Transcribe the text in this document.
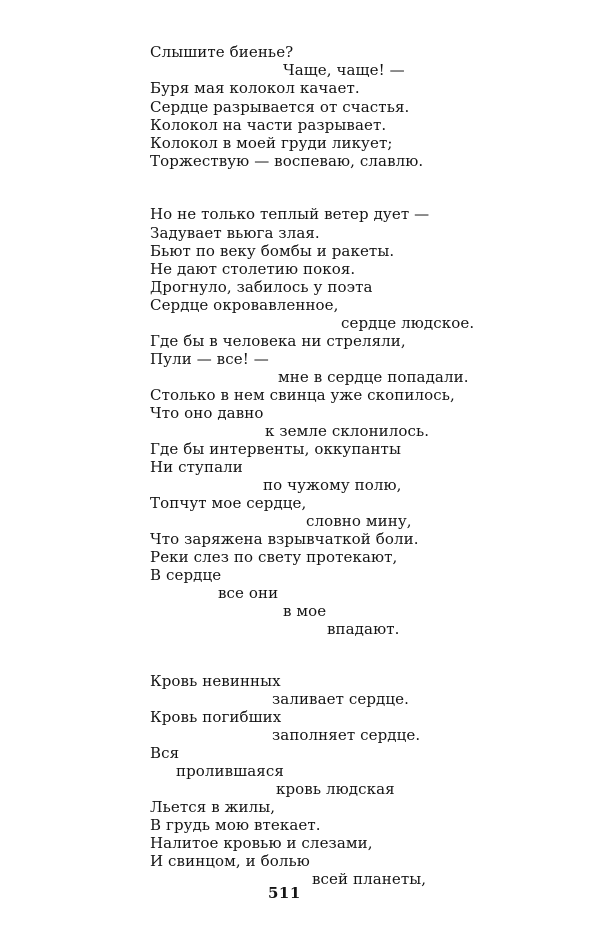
Слышите биенье?
Чаще, чаще! —
Буря мая колокол качает.
Сердце разрывается от счастья.
Колокол на части разрывает.
Колокол в моей груди ликует;
Торжествую — воспеваю, славлю.
Но не только теплый ветер дует —
Задувает вьюга злая.
Бьют по веку бомбы и ракеты.
Не дают столетию покоя.
Дрогнуло, забилось у поэта
Сердце окровавленное,
сердце людское.
Где бы в человека ни стреляли,
Пули — все! —
мне в сердце попадали.
Столько в нем свинца уже скопилось,
Что оно давно
к земле склонилось.
Где бы интервенты, оккупанты
Ни ступали
по чужому полю,
Топчут мое сердце,
словно мину,
Что заряжена взрывчаткой боли.
Реки слез по свету протекают,
В сердце
все они
в мое
впадают.
Кровь невинных
заливает сердце.
Кровь погибших
заполняет сердце.
Вся
пролившаяся
кровь людская
Льется в жилы,
В грудь мою втекает.
Налитое кровью и слезами,
И свинцом, и болью
всей планеты,
511
